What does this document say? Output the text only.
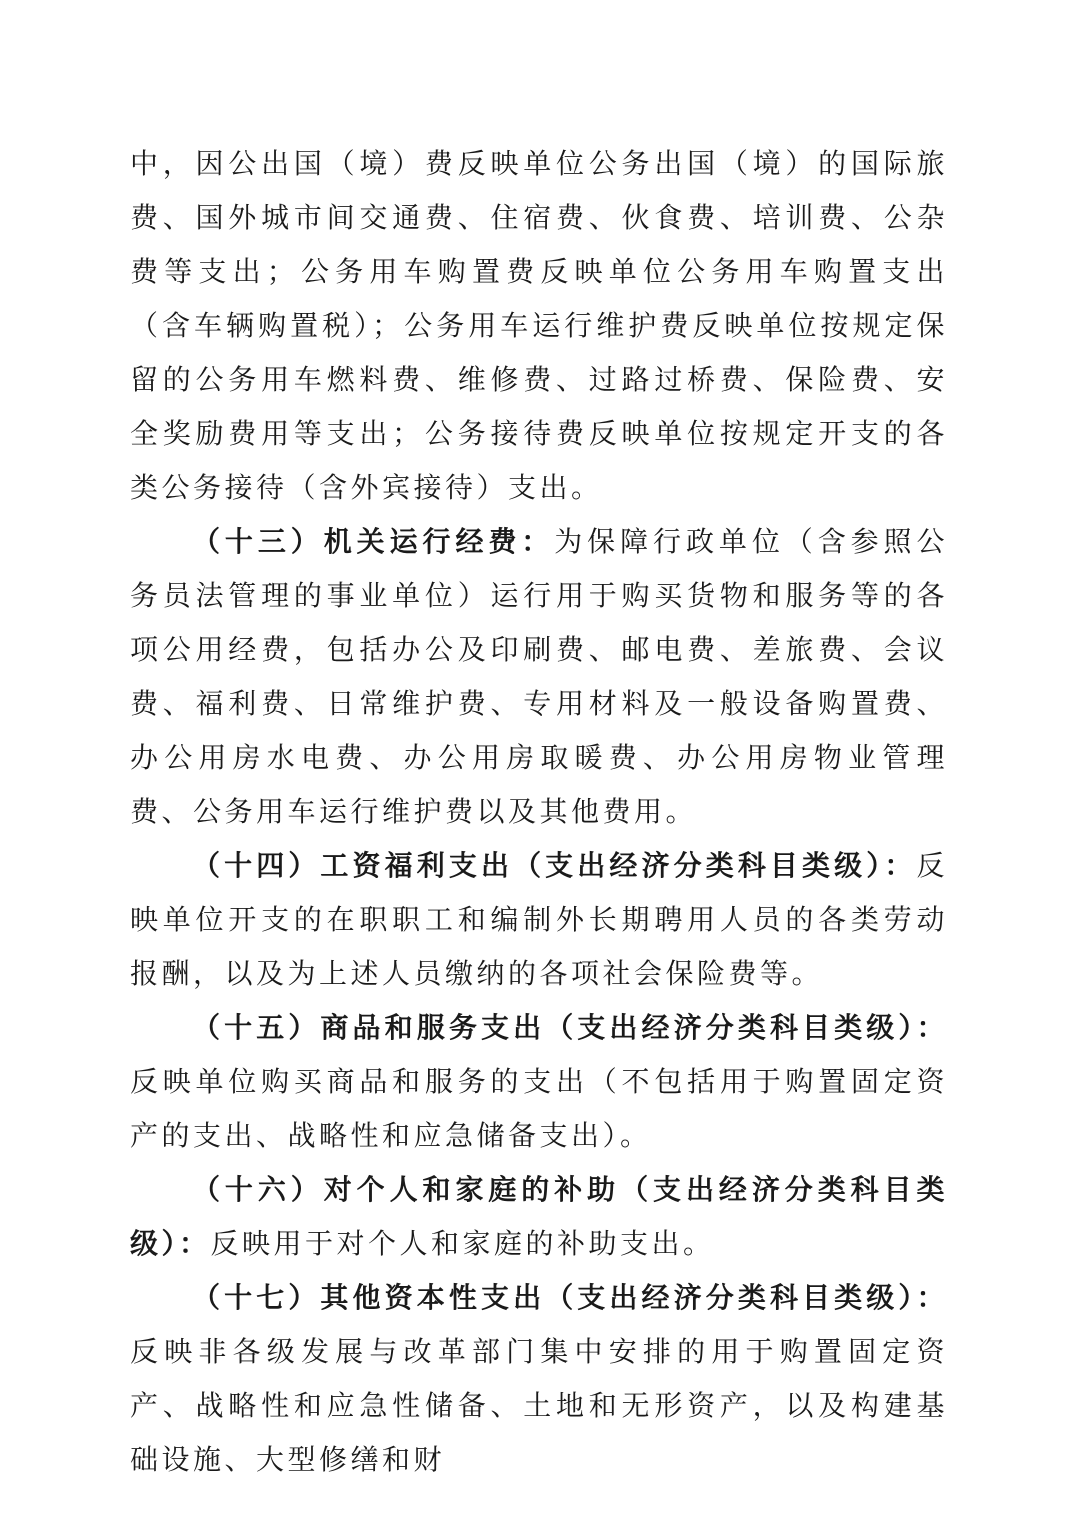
中，因公出国（境）费反映单位公务出国（境）的国际旅费、国外城市间交通费、住宿费、伙食费、培训费、公杂费等支出；公务用车购置费反映单位公务用车购置支出（含车辆购置税）；公务用车运行维护费反映单位按规定保留的公务用车燃料费、维修费、过路过桥费、保险费、安全奖励费用等支出；公务接待费反映单位按规定开支的各类公务接待（含外宾接待）支出。

（十三）机关运行经费：为保障行政单位（含参照公务员法管理的事业单位）运行用于购买货物和服务等的各项公用经费，包括办公及印刷费、邮电费、差旅费、会议费、福利费、日常维护费、专用材料及一般设备购置费、办公用房水电费、办公用房取暖费、办公用房物业管理费、公务用车运行维护费以及其他费用。

（十四）工资福利支出（支出经济分类科目类级）：反映单位开支的在职职工和编制外长期聘用人员的各类劳动报酬，以及为上述人员缴纳的各项社会保险费等。

（十五）商品和服务支出（支出经济分类科目类级）：反映单位购买商品和服务的支出（不包括用于购置固定资产的支出、战略性和应急储备支出）。

（十六）对个人和家庭的补助（支出经济分类科目类级）：反映用于对个人和家庭的补助支出。

（十七）其他资本性支出（支出经济分类科目类级）：反映非各级发展与改革部门集中安排的用于购置固定资产、战略性和应急性储备、土地和无形资产，以及构建基础设施、大型修缮和财
